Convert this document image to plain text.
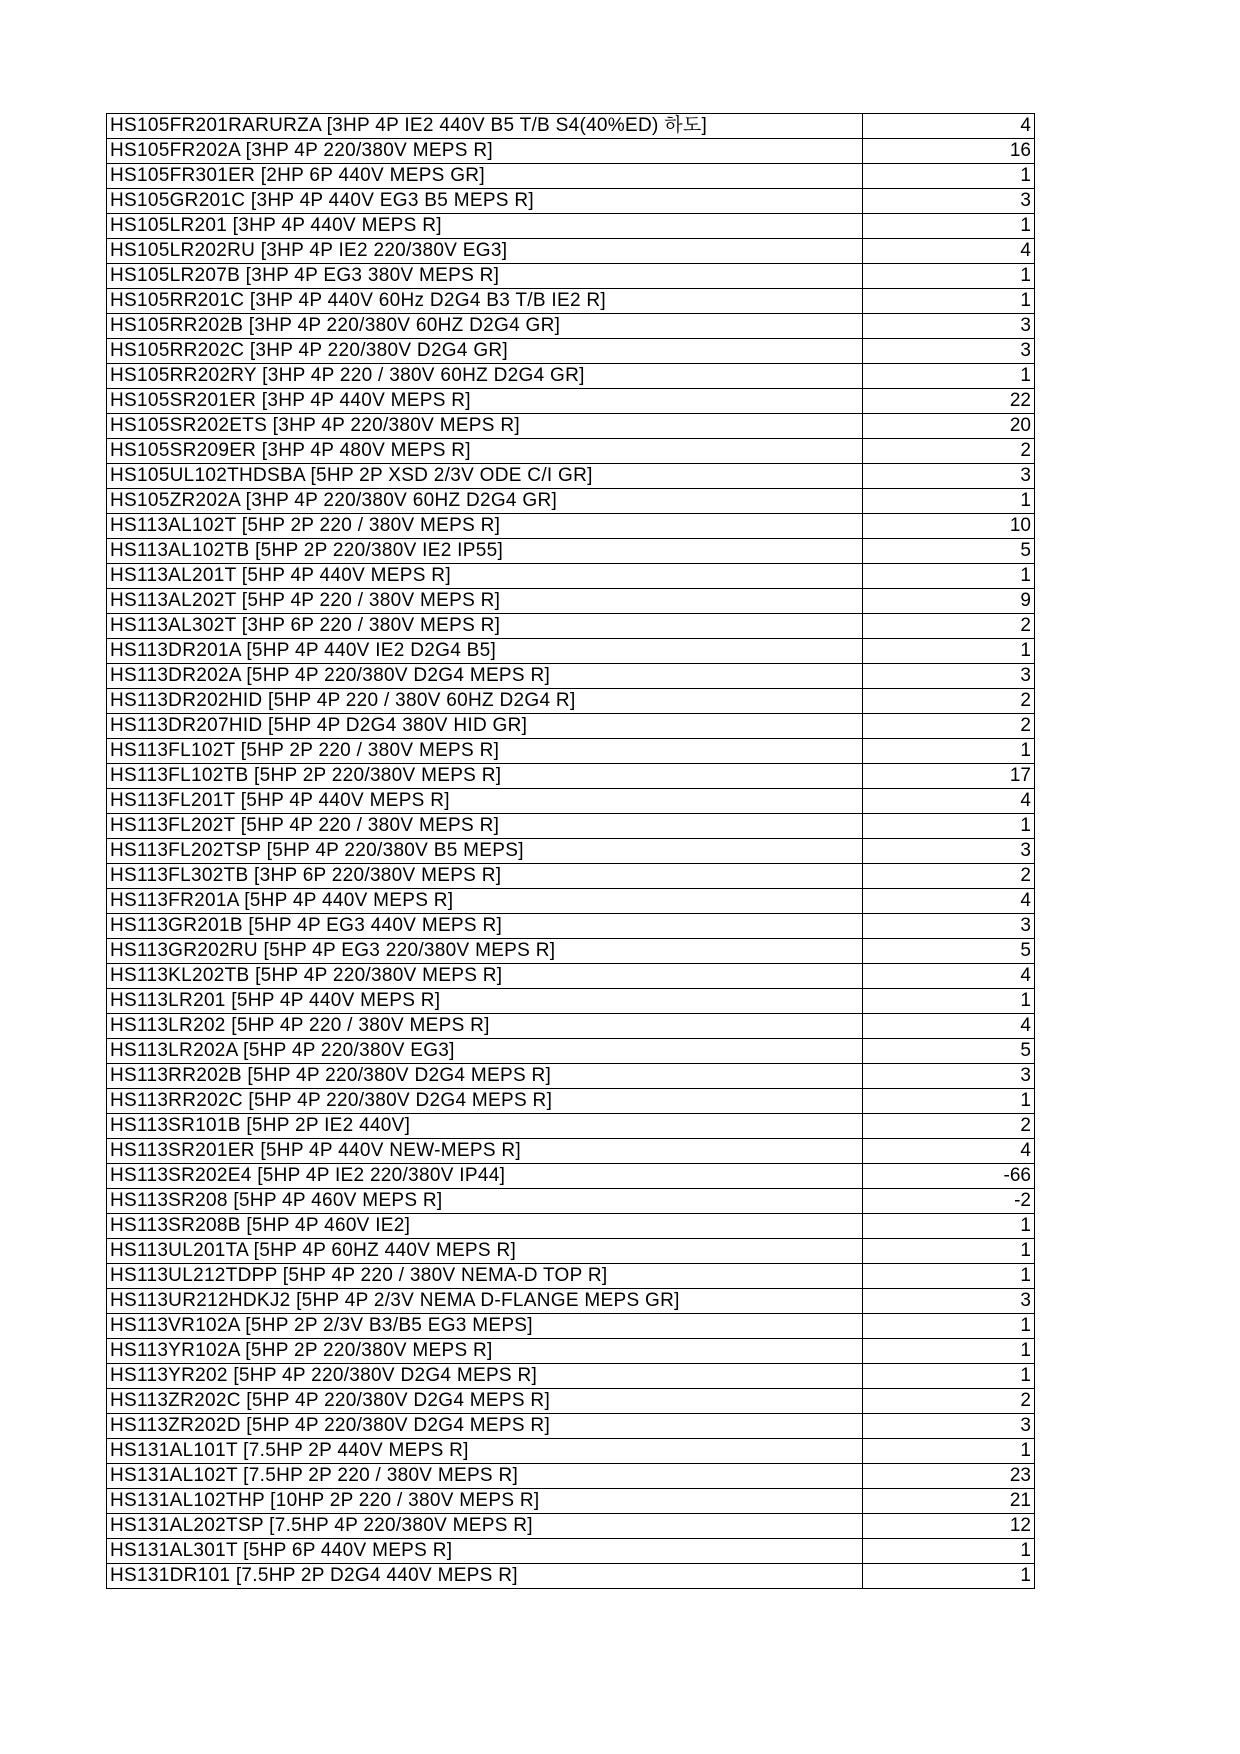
HS105FR201RARURZA [3HP 4P IE2 440V B5 T/B S4(40%ED) 하도]	4
HS105FR202A [3HP 4P 220/380V MEPS R]	16
HS105FR301ER [2HP 6P 440V MEPS GR]	1
HS105GR201C [3HP 4P 440V EG3 B5 MEPS R]	3
HS105LR201 [3HP 4P 440V MEPS R]	1
HS105LR202RU [3HP 4P IE2 220/380V EG3]	4
HS105LR207B [3HP 4P EG3 380V MEPS R]	1
HS105RR201C [3HP 4P 440V 60Hz D2G4 B3 T/B IE2 R]	1
HS105RR202B [3HP 4P 220/380V 60HZ D2G4 GR]	3
HS105RR202C [3HP 4P 220/380V D2G4 GR]	3
HS105RR202RY [3HP 4P 220 / 380V 60HZ D2G4 GR]	1
HS105SR201ER [3HP 4P 440V MEPS R]	22
HS105SR202ETS [3HP 4P 220/380V MEPS R]	20
HS105SR209ER [3HP 4P 480V MEPS R]	2
HS105UL102THDSBA [5HP 2P XSD 2/3V ODE C/I GR]	3
HS105ZR202A [3HP 4P 220/380V 60HZ D2G4 GR]	1
HS113AL102T [5HP 2P 220 / 380V MEPS R]	10
HS113AL102TB [5HP 2P 220/380V IE2 IP55]	5
HS113AL201T [5HP 4P 440V MEPS R]	1
HS113AL202T [5HP 4P 220 / 380V MEPS R]	9
HS113AL302T [3HP 6P 220 / 380V MEPS R]	2
HS113DR201A [5HP 4P 440V IE2 D2G4 B5]	1
HS113DR202A [5HP 4P 220/380V D2G4 MEPS R]	3
HS113DR202HID [5HP 4P 220 / 380V 60HZ D2G4 R]	2
HS113DR207HID [5HP 4P D2G4 380V HID GR]	2
HS113FL102T [5HP 2P 220 / 380V MEPS R]	1
HS113FL102TB [5HP 2P 220/380V MEPS R]	17
HS113FL201T [5HP 4P 440V MEPS R]	4
HS113FL202T [5HP 4P 220 / 380V MEPS R]	1
HS113FL202TSP [5HP 4P 220/380V B5 MEPS]	3
HS113FL302TB [3HP 6P 220/380V MEPS R]	2
HS113FR201A [5HP 4P 440V MEPS R]	4
HS113GR201B [5HP 4P EG3 440V MEPS R]	3
HS113GR202RU [5HP 4P EG3 220/380V MEPS R]	5
HS113KL202TB [5HP 4P 220/380V MEPS R]	4
HS113LR201 [5HP 4P 440V MEPS R]	1
HS113LR202 [5HP 4P 220 / 380V MEPS R]	4
HS113LR202A [5HP 4P 220/380V EG3]	5
HS113RR202B [5HP 4P 220/380V D2G4 MEPS R]	3
HS113RR202C [5HP 4P 220/380V D2G4 MEPS R]	1
HS113SR101B [5HP 2P IE2 440V]	2
HS113SR201ER [5HP 4P 440V NEW-MEPS R]	4
HS113SR202E4 [5HP 4P IE2 220/380V IP44]	-66
HS113SR208 [5HP 4P 460V MEPS R]	-2
HS113SR208B [5HP 4P 460V IE2]	1
HS113UL201TA [5HP 4P 60HZ 440V MEPS R]	1
HS113UL212TDPP [5HP 4P 220 / 380V NEMA-D TOP R]	1
HS113UR212HDKJ2 [5HP 4P 2/3V NEMA D-FLANGE MEPS GR]	3
HS113VR102A [5HP 2P 2/3V B3/B5 EG3 MEPS]	1
HS113YR102A [5HP 2P 220/380V MEPS R]	1
HS113YR202 [5HP 4P 220/380V D2G4 MEPS R]	1
HS113ZR202C [5HP 4P 220/380V D2G4 MEPS R]	2
HS113ZR202D [5HP 4P 220/380V D2G4 MEPS R]	3
HS131AL101T [7.5HP 2P 440V MEPS R]	1
HS131AL102T [7.5HP 2P 220 / 380V MEPS R]	23
HS131AL102THP [10HP 2P 220 / 380V MEPS R]	21
HS131AL202TSP [7.5HP 4P 220/380V MEPS R]	12
HS131AL301T [5HP 6P 440V MEPS R]	1
HS131DR101 [7.5HP 2P D2G4 440V MEPS R]	1
